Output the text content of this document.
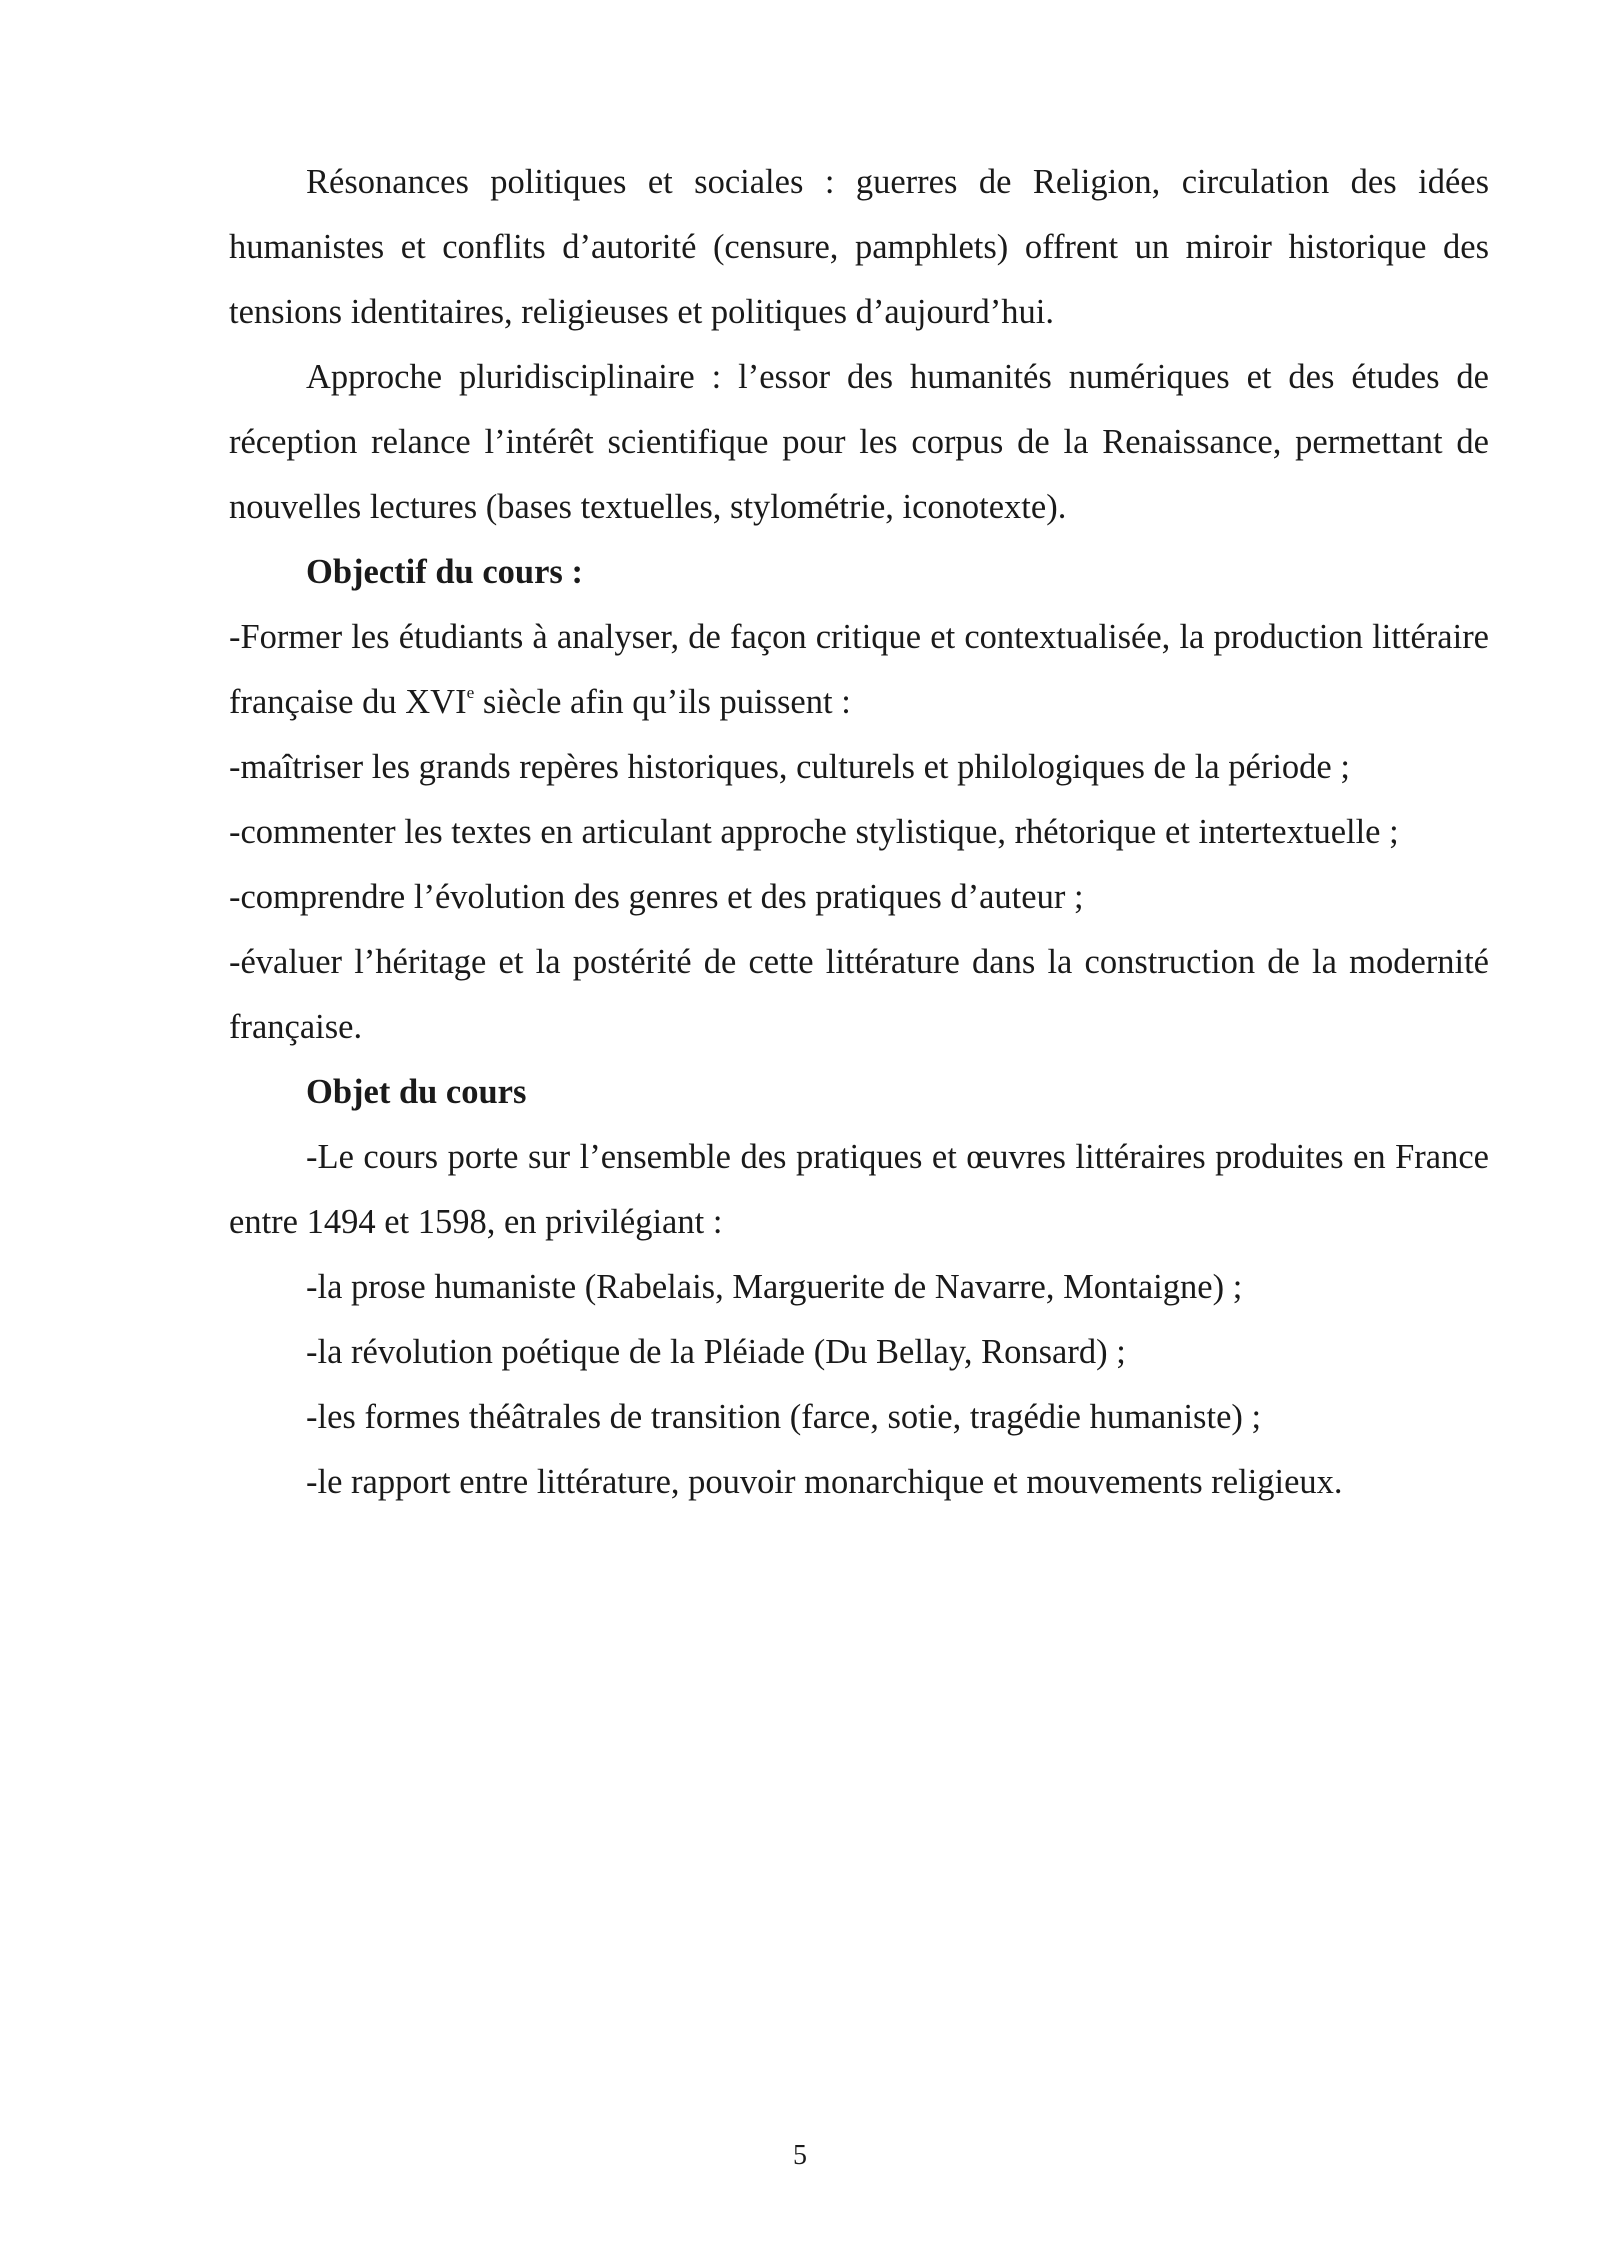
Résonances politiques et sociales : guerres de Religion, circulation des idées humanistes et conflits d’autorité (censure, pamphlets) offrent un miroir historique des tensions identitaires, religieuses et politiques d’aujourd’hui.

Approche pluridisciplinaire : l’essor des humanités numériques et des études de réception relance l’intérêt scientifique pour les corpus de la Renaissance, permettant de nouvelles lectures (bases textuelles, stylométrie, iconotexte).

Objectif du cours :

-Former les étudiants à analyser, de façon critique et contextualisée, la production littéraire française du XVIe siècle afin qu’ils puissent :

-maîtriser les grands repères historiques, culturels et philologiques de la période ;

-commenter les textes en articulant approche stylistique, rhétorique et intertextuelle ;

-comprendre l’évolution des genres et des pratiques d’auteur ;

-évaluer l’héritage et la postérité de cette littérature dans la construction de la modernité française.

Objet du cours

-Le cours porte sur l’ensemble des pratiques et œuvres littéraires produites en France entre 1494 et 1598, en privilégiant :

-la prose humaniste (Rabelais, Marguerite de Navarre, Montaigne) ;

-la révolution poétique de la Pléiade (Du Bellay, Ronsard) ;

-les formes théâtrales de transition (farce, sotie, tragédie humaniste) ;

-le rapport entre littérature, pouvoir monarchique et mouvements religieux.

5
